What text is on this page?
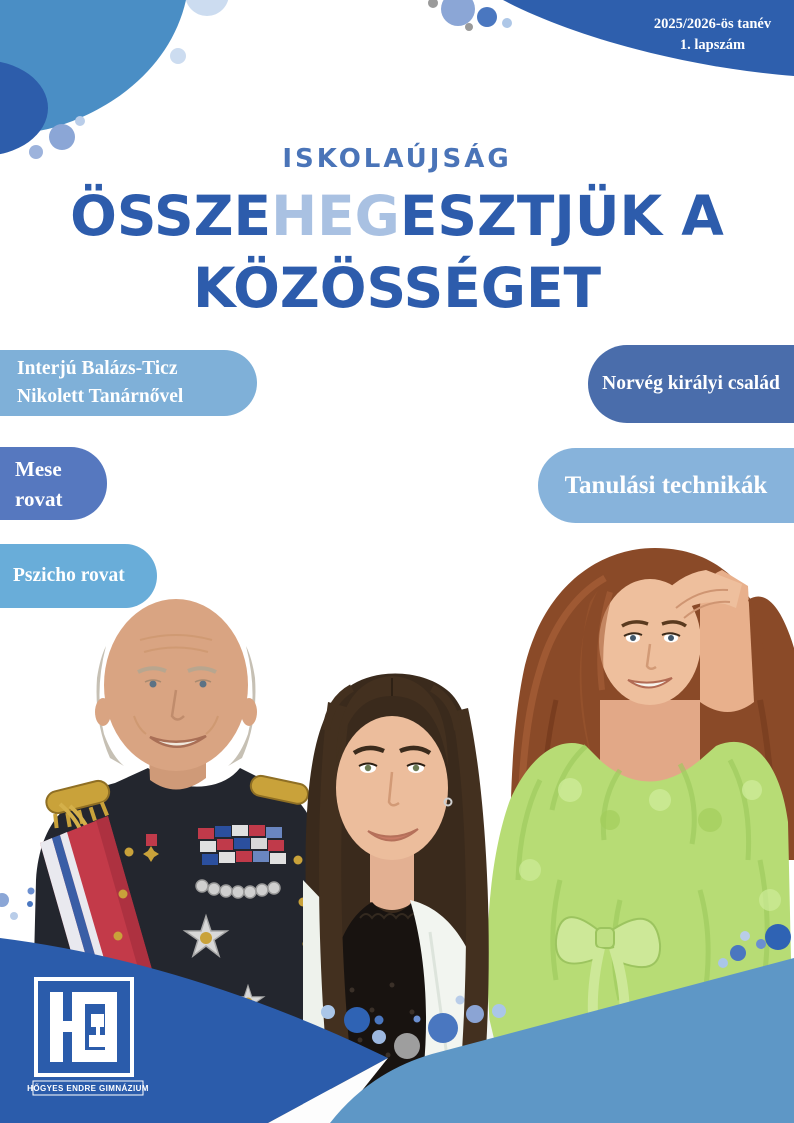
HŐGYES ENDRE GIMNÁZIUM
2025/2026-ös tanév
1. lapszám
ISKOLAÚJSÁG
ÖSSZEHEGESZTJÜK A
KÖZÖSSÉGET
Interjú Balázs-Ticz
Nikolett Tanárnővel
Mese
rovat
Pszicho rovat
Norvég királyi család
Tanulási technikák
